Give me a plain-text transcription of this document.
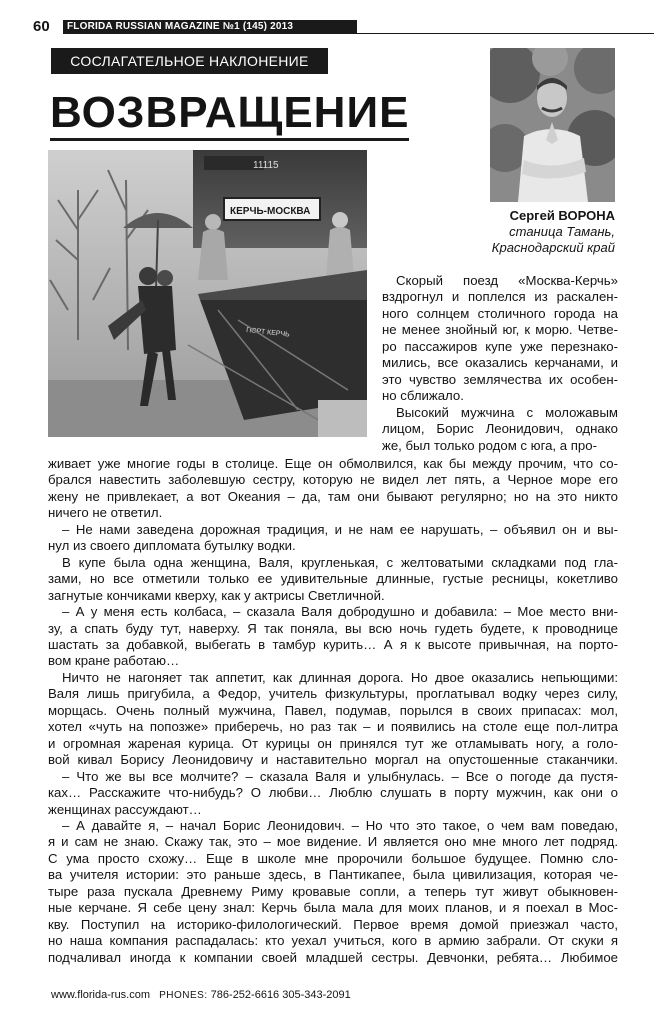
60	FLORIDA RUSSIAN MAGAZINE №1 (145) 2013
СОСЛАГАТЕЛЬНОЕ НАКЛОНЕНИЕ
ВОЗВРАЩЕНИЕ
Сергей ВОРОНА
станица Тамань,
Краснодарский край
11115
КЕРЧЬ-МОСКВА
ПОРТ КЕРЧЬ
Скорый поезд «Москва-Керчь»
вздрогнул и поплелся из раскален-
ного солнцем столичного города на
не менее знойный юг, к морю. Четве-
ро пассажиров купе уже перезнако-
мились, все оказались керчанами, и
это чувство землячества их особен-
но сближало.
Высокий мужчина с моложавым
лицом, Борис Леонидович, однако
же, был только родом с юга, а про-
живает уже многие годы в столице. Еще он обмолвился, как бы между прочим, что со-
брался навестить заболевшую сестру, которую не видел лет пять, а Черное море его
жену не привлекает, а вот Океания – да, там они бывают регулярно; но на это никто
ничего не ответил.
– Не нами заведена дорожная традиция, и не нам ее нарушать, – объявил он и вы-
нул из своего дипломата бутылку водки.
В купе была одна женщина, Валя, кругленькая, с желтоватыми складками под гла-
зами, но все отметили только ее удивительные длинные, густые ресницы, кокетливо
загнутые кончиками кверху, как у актрисы Светличной.
– А у меня есть колбаса, – сказала Валя добродушно и добавила: – Мое место вни-
зу, а спать буду тут, наверху. Я так поняла, вы всю ночь гудеть будете, к проводнице
шастать за добавкой, выбегать в тамбур курить… А я к высоте привычная, на порто-
вом кране работаю…
Ничто не нагоняет так аппетит, как длинная дорога. Но двое оказались непьющими:
Валя лишь пригубила, а Федор, учитель физкультуры, проглатывал водку через силу,
морщась. Очень полный мужчина, Павел, подумав, порылся в своих припасах: мол,
хотел «чуть на попозже» приберечь, но раз так – и появились на столе еще пол-литра
и огромная жареная курица. От курицы он принялся тут же отламывать ногу, а голо-
вой кивал Борису Леонидовичу и наставительно моргал на опустошенные стаканчики.
– Что же вы все молчите? – сказала Валя и улыбнулась. – Все о погоде да пустя-
ках… Расскажите что-нибудь? О любви… Люблю слушать в порту мужчин, как они о
женщинах рассуждают…
– А давайте я, – начал Борис Леонидович. – Но что это такое, о чем вам поведаю,
я и сам не знаю. Скажу так, это – мое видение. И является оно мне много лет подряд.
С ума просто схожу… Еще в школе мне пророчили большое будущее. Помню сло-
ва учителя истории: это раньше здесь, в Пантикапее, была цивилизация, которая че-
тыре раза пускала Древнему Риму кровавые сопли, а теперь тут живут обыкновен-
ные керчане. Я себе цену знал: Керчь была мала для моих планов, и я поехал в Мос-
кву. Поступил на историко-филологический. Первое время домой приезжал часто,
но наша компания распадалась: кто уехал учиться, кого в армию забрали. От скуки я
подчаливал иногда к компании своей младшей сестры. Девчонки, ребята… Любимое
www.florida-rus.com PHONES: 786-252-6616 305-343-2091
